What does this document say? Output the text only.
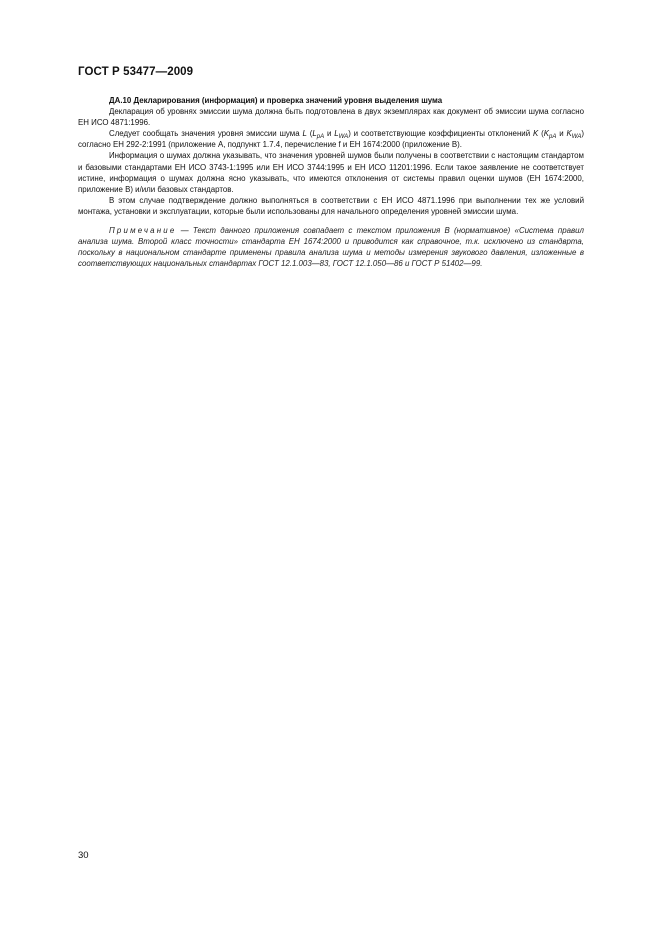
ГОСТ Р 53477—2009

ДА.10 Декларирования (информация) и проверка значений уровня выделения шума

Декларация об уровнях эмиссии шума должна быть подготовлена в двух экземплярах как документ об эмиссии шума согласно ЕН ИСО 4871:1996.

Следует сообщать значения уровня эмиссии шума L ($L_{pA}$ и $L_{WA}$) и соответствующие коэффициенты отклонений K ($K_{pA}$ и $K_{WA}$) согласно ЕН 292-2:1991 (приложение А, подпункт 1.7.4, перечисление f и ЕН 1674:2000 (приложение В).

Информация о шумах должна указывать, что значения уровней шумов были получены в соответствии с настоящим стандартом и базовыми стандартами ЕН ИСО 3743-1:1995 или ЕН ИСО 3744:1995 и ЕН ИСО 11201:1996. Если такое заявление не соответствует истине, информация о шумах должна ясно указывать, что имеются отклонения от системы правил оценки шумов (ЕН 1674:2000, приложение В) и/или базовых стандартов.

В этом случае подтверждение должно выполняться в соответствии с ЕН ИСО 4871.1996 при выполнении тех же условий монтажа, установки и эксплуатации, которые были использованы для начального определения уровней эмиссии шума.

Примечание — Текст данного приложения совпадает с текстом приложения В (нормативное) «Система правил анализа шума. Второй класс точности» стандарта ЕН 1674:2000 и приводится как справочное, т.к. исключено из стандврта, поскольку в национальном стандарте применены правила анализа шума и методы измерения звукового давления, изложенные в соответствующих национальных стандартах ГОСТ 12.1.003—83, ГОСТ 12.1.050—86 и ГОСТ Р 51402—99.

30
